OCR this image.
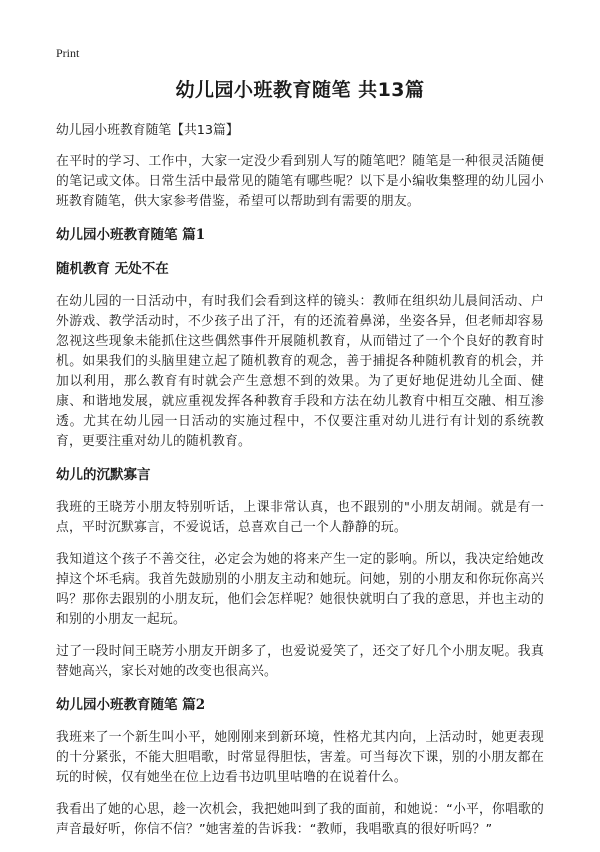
Print
幼儿园小班教育随笔 共13篇
幼儿园小班教育随笔【共13篇】

在平时的学习、工作中，大家一定没少看到别人写的随笔吧？随笔是一种很灵活随便的笔记或文体。日常生活中最常见的随笔有哪些呢？以下是小编收集整理的幼儿园小班教育随笔，供大家参考借鉴，希望可以帮助到有需要的朋友。

幼儿园小班教育随笔 篇1
随机教育 无处不在

在幼儿园的一日活动中，有时我们会看到这样的镜头：教师在组织幼儿晨间活动、户外游戏、教学活动时，不少孩子出了汗，有的还流着鼻涕，坐姿各异，但老师却容易忽视这些现象未能抓住这些偶然事件开展随机教育，从而错过了一个个良好的教育时机。如果我们的头脑里建立起了随机教育的观念，善于捕捉各种随机教育的机会，并加以利用，那么教育有时就会产生意想不到的效果。为了更好地促进幼儿全面、健康、和谐地发展，就应重视发挥各种教育手段和方法在幼儿教育中相互交融、相互渗透。尤其在幼儿园一日活动的实施过程中，不仅要注重对幼儿进行有计划的系统教育，更要注重对幼儿的随机教育。

幼儿的沉默寡言

我班的王晓芳小朋友特别听话，上课非常认真，也不跟别的"小朋友胡闹。就是有一点，平时沉默寡言，不爱说话，总喜欢自己一个人静静的玩。

我知道这个孩子不善交往，必定会为她的将来产生一定的影响。所以，我决定给她改掉这个坏毛病。我首先鼓励别的小朋友主动和她玩。问她，别的小朋友和你玩你高兴吗？那你去跟别的小朋友玩，他们会怎样呢？她很快就明白了我的意思，并也主动的和别的小朋友一起玩。

过了一段时间王晓芳小朋友开朗多了，也爱说爱笑了，还交了好几个小朋友呢。我真替她高兴，家长对她的改变也很高兴。

幼儿园小班教育随笔 篇2

我班来了一个新生叫小平，她刚刚来到新环境，性格尤其内向，上活动时，她更表现的十分紧张，不能大胆唱歌，时常显得胆怯，害羞。可当每次下课，别的小朋友都在玩的时候，仅有她坐在位上边看书边叽里咕噜的在说着什么。

我看出了她的心思，趁一次机会，我把她叫到了我的面前，和她说：“小平，你唱歌的声音最好听，你信不信？”她害羞的告诉我：“教师，我唱歌真的很好听吗？”
